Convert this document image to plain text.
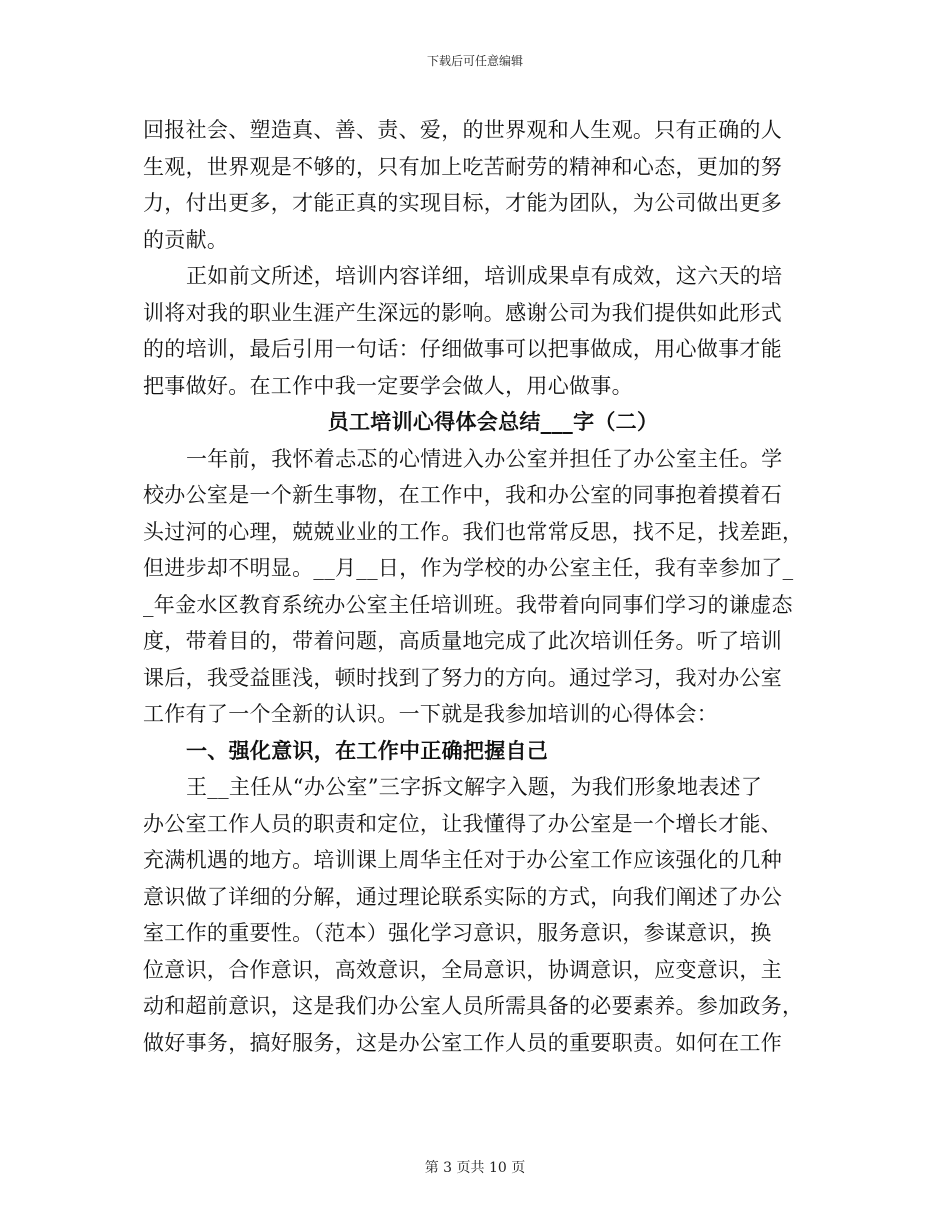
下载后可任意编辑
回报社会、塑造真、善、责、爱，的世界观和人生观。只有正确的人
生观，世界观是不够的，只有加上吃苦耐劳的精神和心态，更加的努
力，付出更多，才能正真的实现目标，才能为团队，为公司做出更多
的贡献。
正如前文所述，培训内容详细，培训成果卓有成效，这六天的培
训将对我的职业生涯产生深远的影响。感谢公司为我们提供如此形式
的的培训，最后引用一句话：仔细做事可以把事做成，用心做事才能
把事做好。在工作中我一定要学会做人，用心做事。
员工培训心得体会总结___字（二）
一年前，我怀着忐忑的心情进入办公室并担任了办公室主任。学
校办公室是一个新生事物，在工作中，我和办公室的同事抱着摸着石
头过河的心理，兢兢业业的工作。我们也常常反思，找不足，找差距，
但进步却不明显。__月__日，作为学校的办公室主任，我有幸参加了_
_年金水区教育系统办公室主任培训班。我带着向同事们学习的谦虚态
度，带着目的，带着问题，高质量地完成了此次培训任务。听了培训
课后，我受益匪浅，顿时找到了努力的方向。通过学习，我对办公室
工作有了一个全新的认识。一下就是我参加培训的心得体会：
一、强化意识，在工作中正确把握自己
王__主任从“办公室”三字拆文解字入题，为我们形象地表述了
办公室工作人员的职责和定位，让我懂得了办公室是一个增长才能、
充满机遇的地方。培训课上周华主任对于办公室工作应该强化的几种
意识做了详细的分解，通过理论联系实际的方式，向我们阐述了办公
室工作的重要性。（范本）强化学习意识，服务意识，参谋意识，换
位意识，合作意识，高效意识，全局意识，协调意识，应变意识，主
动和超前意识，这是我们办公室人员所需具备的必要素养。参加政务，
做好事务，搞好服务，这是办公室工作人员的重要职责。如何在工作
第 3 页共 10 页
